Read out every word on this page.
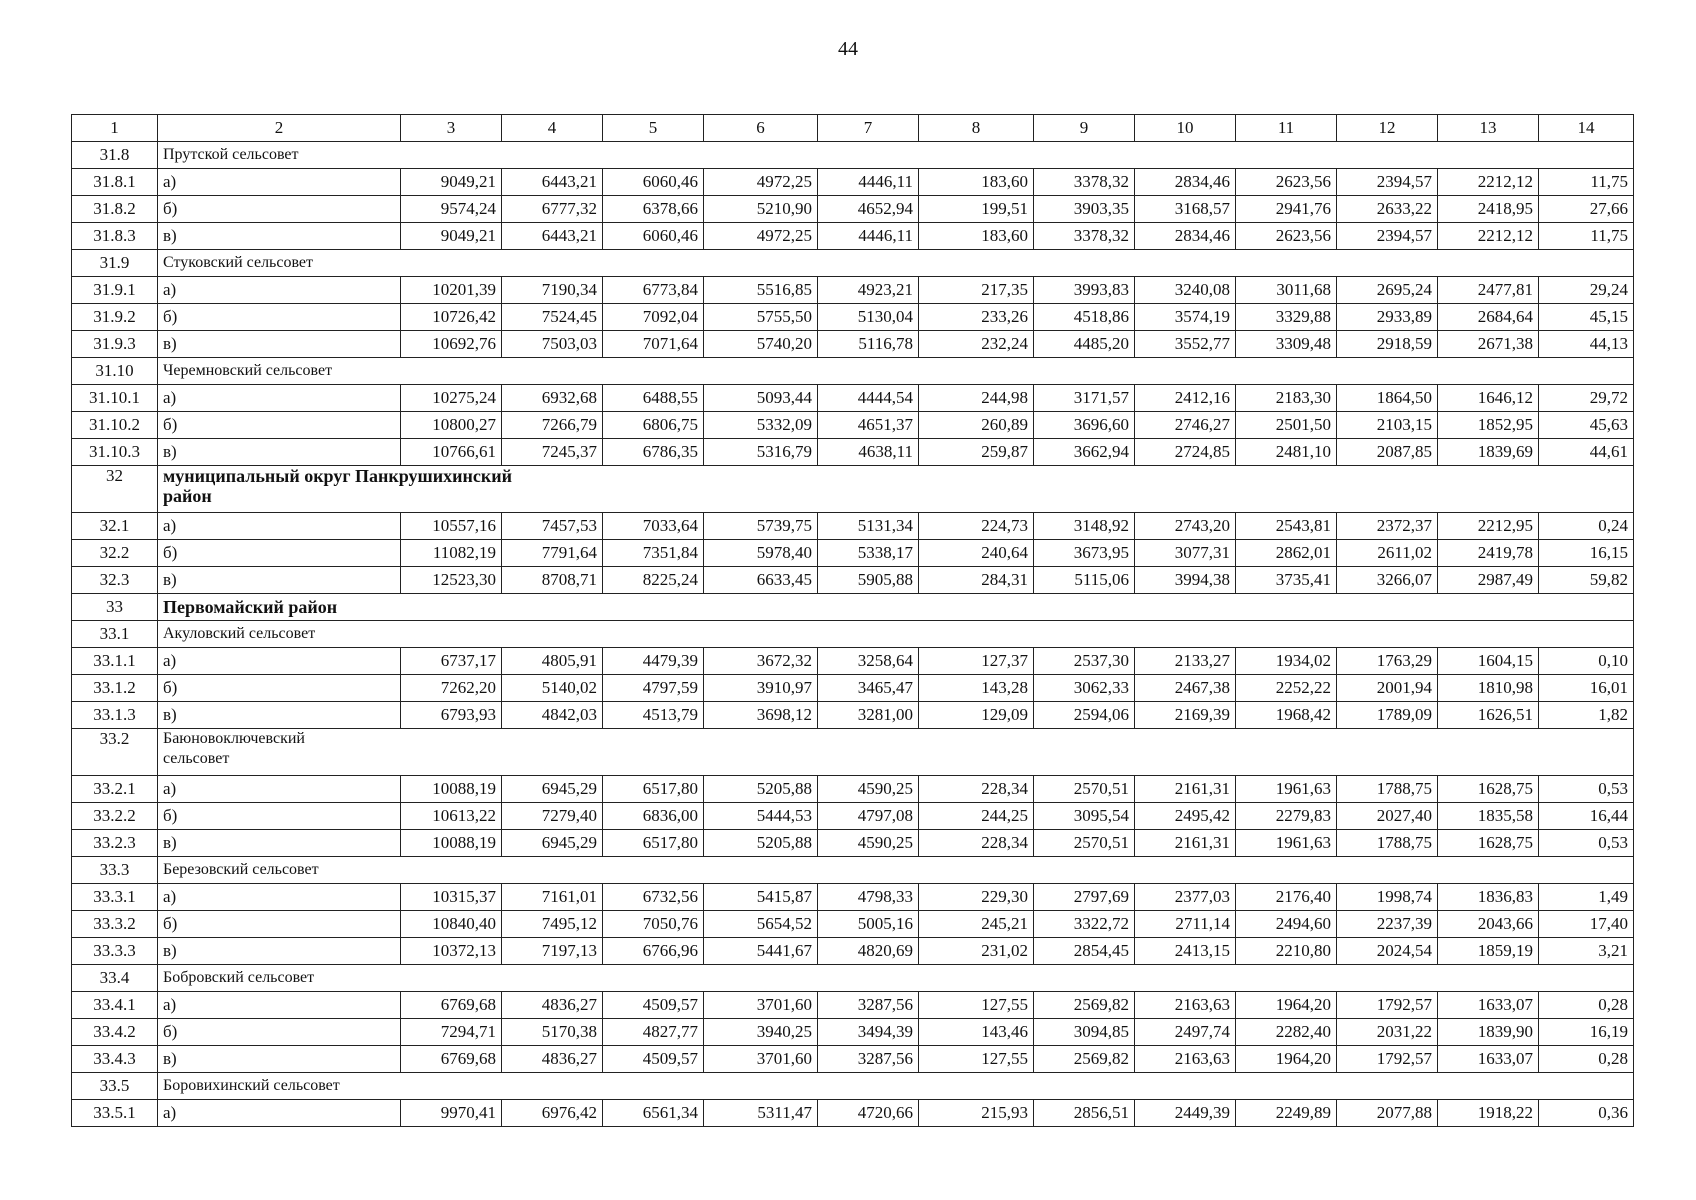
44
1	2	3	4	5	6	7	8	9	10	11	12	13	14
31.8	Прутской сельсовет												
31.8.1	а)	9049,21	6443,21	6060,46	4972,25	4446,11	183,60	3378,32	2834,46	2623,56	2394,57	2212,12	11,75
31.8.2	б)	9574,24	6777,32	6378,66	5210,90	4652,94	199,51	3903,35	3168,57	2941,76	2633,22	2418,95	27,66
31.8.3	в)	9049,21	6443,21	6060,46	4972,25	4446,11	183,60	3378,32	2834,46	2623,56	2394,57	2212,12	11,75
31.9	Стуковский сельсовет												
31.9.1	а)	10201,39	7190,34	6773,84	5516,85	4923,21	217,35	3993,83	3240,08	3011,68	2695,24	2477,81	29,24
31.9.2	б)	10726,42	7524,45	7092,04	5755,50	5130,04	233,26	4518,86	3574,19	3329,88	2933,89	2684,64	45,15
31.9.3	в)	10692,76	7503,03	7071,64	5740,20	5116,78	232,24	4485,20	3552,77	3309,48	2918,59	2671,38	44,13
31.10	Черемновский сельсовет												
31.10.1	а)	10275,24	6932,68	6488,55	5093,44	4444,54	244,98	3171,57	2412,16	2183,30	1864,50	1646,12	29,72
31.10.2	б)	10800,27	7266,79	6806,75	5332,09	4651,37	260,89	3696,60	2746,27	2501,50	2103,15	1852,95	45,63
31.10.3	в)	10766,61	7245,37	6786,35	5316,79	4638,11	259,87	3662,94	2724,85	2481,10	2087,85	1839,69	44,61
32	муниципальный округ Панкрушихинский район												

32.1	а)	10557,16	7457,53	7033,64	5739,75	5131,34	224,73	3148,92	2743,20	2543,81	2372,37	2212,95	0,24
32.2	б)	11082,19	7791,64	7351,84	5978,40	5338,17	240,64	3673,95	3077,31	2862,01	2611,02	2419,78	16,15
32.3	в)	12523,30	8708,71	8225,24	6633,45	5905,88	284,31	5115,06	3994,38	3735,41	3266,07	2987,49	59,82
33	Первомайский район												
33.1	Акуловский сельсовет												
33.1.1	а)	6737,17	4805,91	4479,39	3672,32	3258,64	127,37	2537,30	2133,27	1934,02	1763,29	1604,15	0,10
33.1.2	б)	7262,20	5140,02	4797,59	3910,97	3465,47	143,28	3062,33	2467,38	2252,22	2001,94	1810,98	16,01
33.1.3	в)	6793,93	4842,03	4513,79	3698,12	3281,00	129,09	2594,06	2169,39	1968,42	1789,09	1626,51	1,82
33.2	Баюновоключевский сельсовет												

33.2.1	а)	10088,19	6945,29	6517,80	5205,88	4590,25	228,34	2570,51	2161,31	1961,63	1788,75	1628,75	0,53
33.2.2	б)	10613,22	7279,40	6836,00	5444,53	4797,08	244,25	3095,54	2495,42	2279,83	2027,40	1835,58	16,44
33.2.3	в)	10088,19	6945,29	6517,80	5205,88	4590,25	228,34	2570,51	2161,31	1961,63	1788,75	1628,75	0,53
33.3	Березовский сельсовет												
33.3.1	а)	10315,37	7161,01	6732,56	5415,87	4798,33	229,30	2797,69	2377,03	2176,40	1998,74	1836,83	1,49
33.3.2	б)	10840,40	7495,12	7050,76	5654,52	5005,16	245,21	3322,72	2711,14	2494,60	2237,39	2043,66	17,40
33.3.3	в)	10372,13	7197,13	6766,96	5441,67	4820,69	231,02	2854,45	2413,15	2210,80	2024,54	1859,19	3,21
33.4	Бобровский сельсовет												
33.4.1	а)	6769,68	4836,27	4509,57	3701,60	3287,56	127,55	2569,82	2163,63	1964,20	1792,57	1633,07	0,28
33.4.2	б)	7294,71	5170,38	4827,77	3940,25	3494,39	143,46	3094,85	2497,74	2282,40	2031,22	1839,90	16,19
33.4.3	в)	6769,68	4836,27	4509,57	3701,60	3287,56	127,55	2569,82	2163,63	1964,20	1792,57	1633,07	0,28
33.5	Боровихинский сельсовет												
33.5.1	а)	9970,41	6976,42	6561,34	5311,47	4720,66	215,93	2856,51	2449,39	2249,89	2077,88	1918,22	0,36
